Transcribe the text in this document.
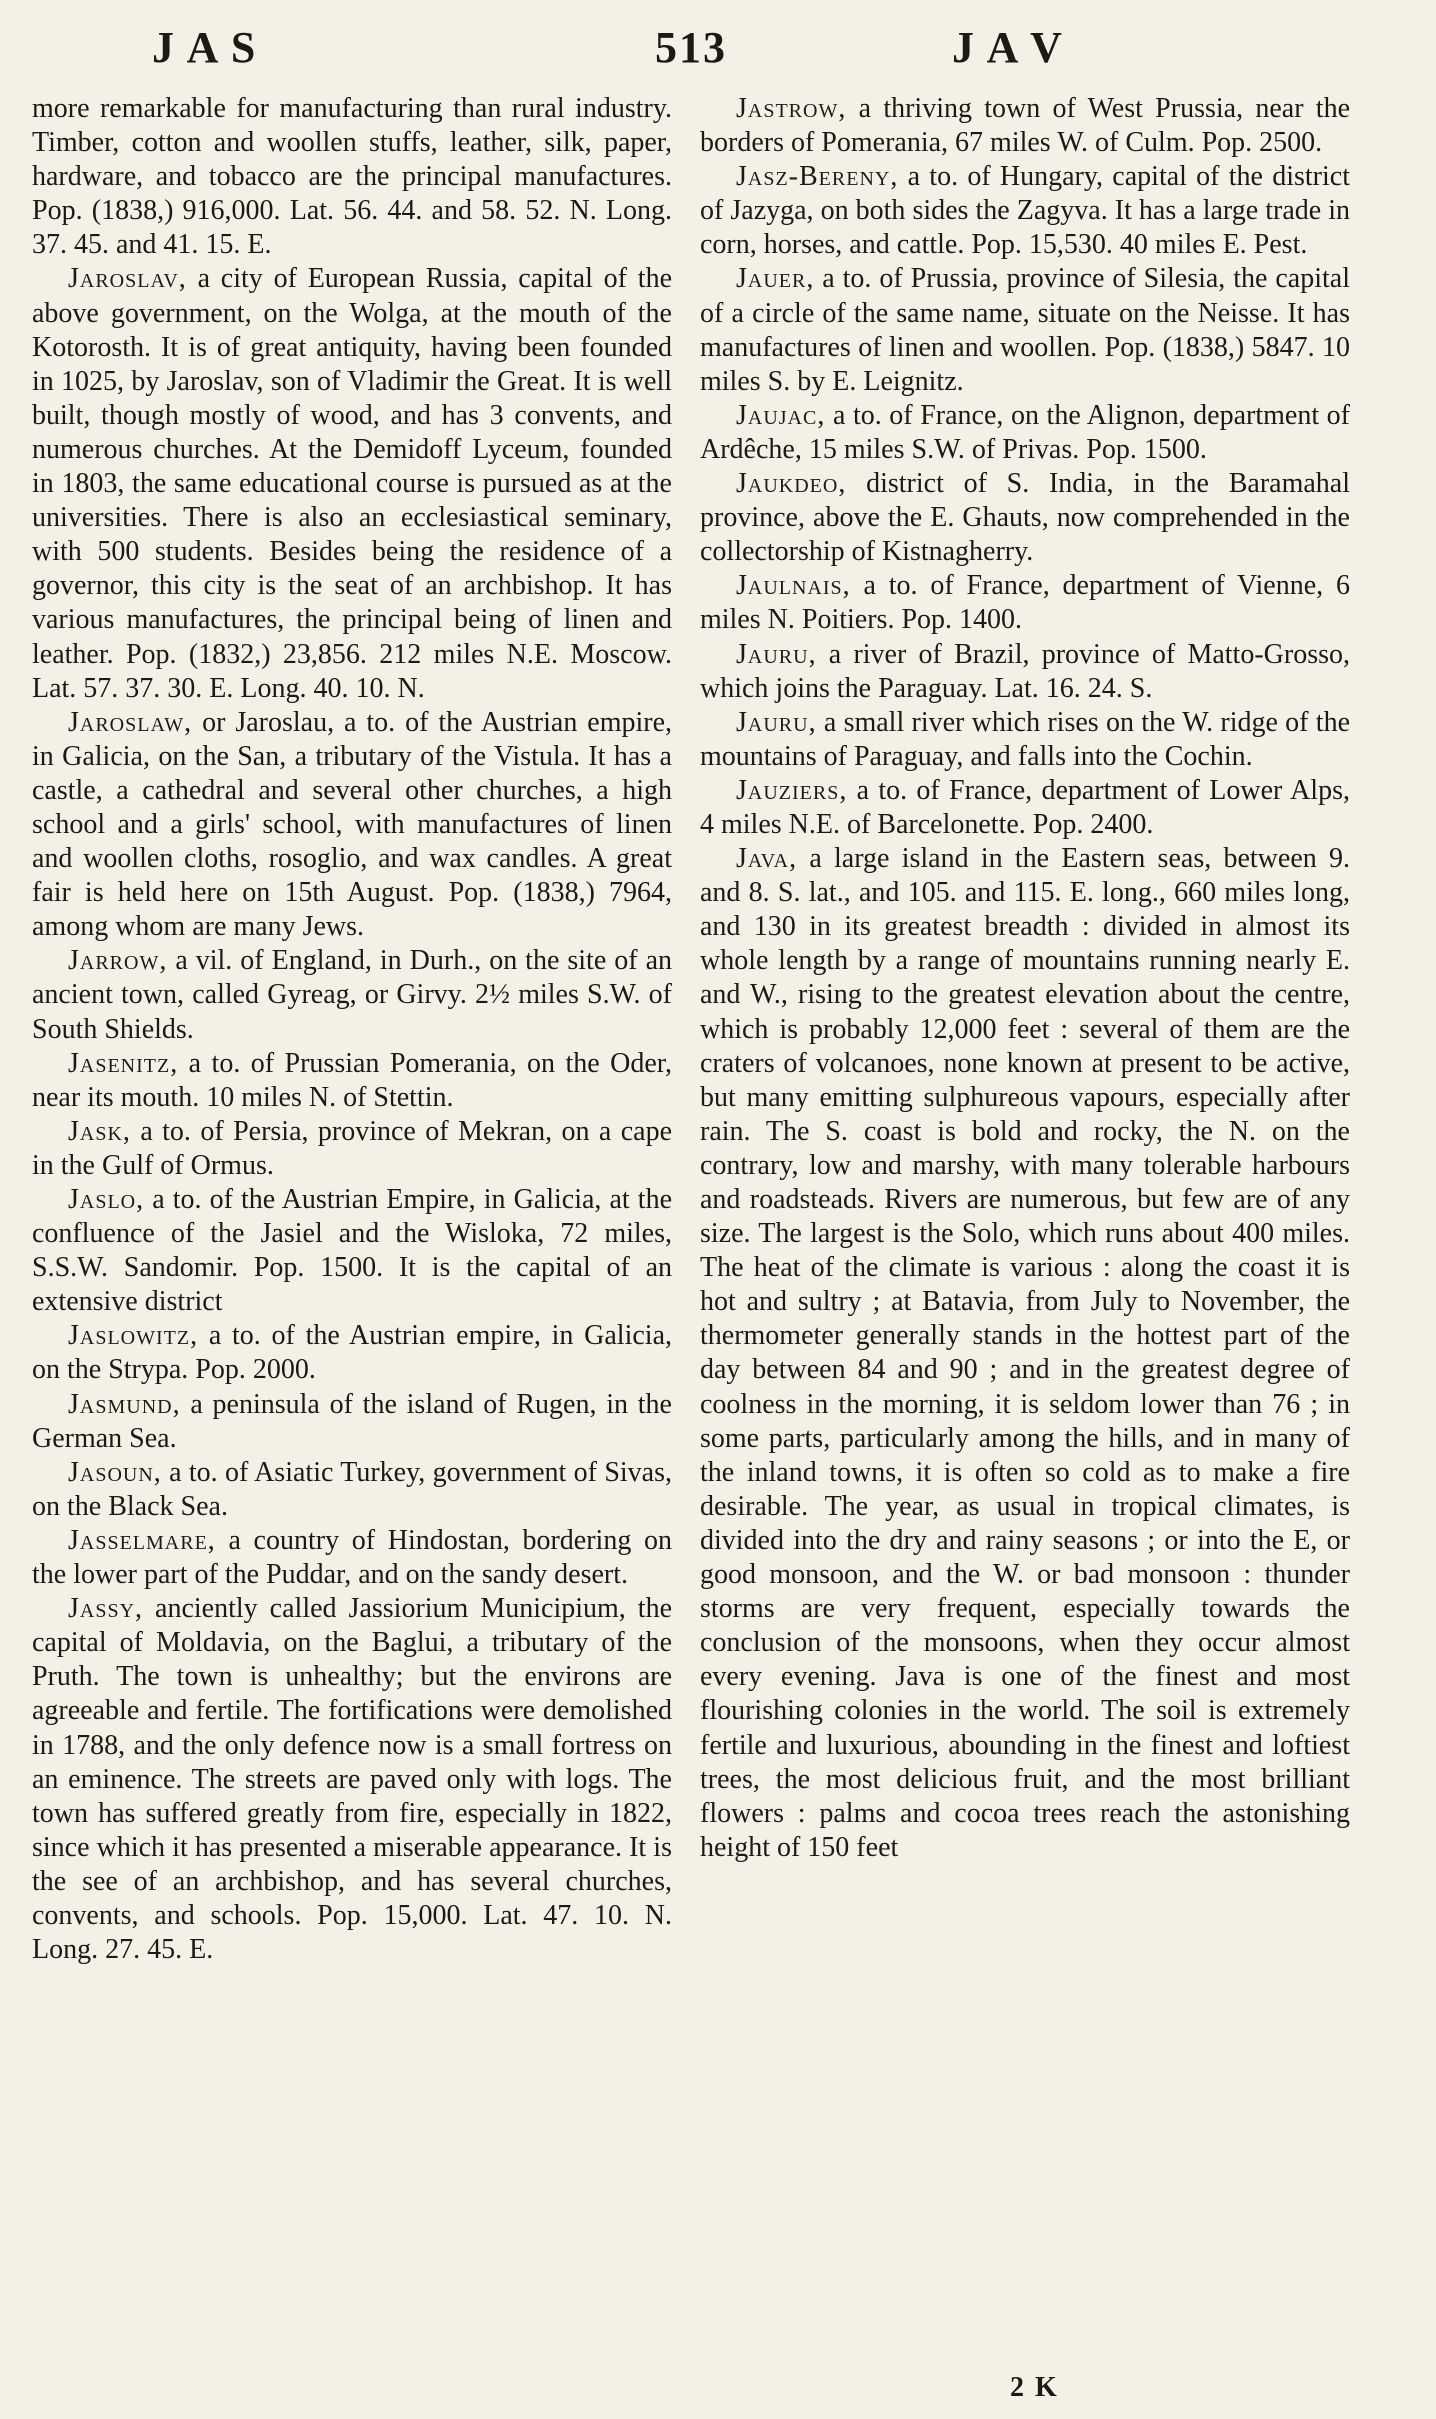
J A S	513	J A V

more remarkable for manufacturing than rural industry. Timber, cotton and woollen stuffs, leather, silk, paper, hardware, and tobacco are the principal manufactures. Pop. (1838,) 916,000. Lat. 56. 44. and 58. 52. N. Long. 37. 45. and 41. 15. E.

Jaroslav, a city of European Russia, capital of the above government, on the Wolga, at the mouth of the Kotorosth. It is of great antiquity, having been founded in 1025, by Jaroslav, son of Vladimir the Great. It is well built, though mostly of wood, and has 3 convents, and numerous churches. At the Demidoff Lyceum, founded in 1803, the same educational course is pursued as at the universities. There is also an ecclesiastical seminary, with 500 students. Besides being the residence of a governor, this city is the seat of an archbishop. It has various manufactures, the principal being of linen and leather. Pop. (1832,) 23,856. 212 miles N.E. Moscow. Lat. 57. 37. 30. E. Long. 40. 10. N.

Jaroslaw, or Jaroslau, a to. of the Austrian empire, in Galicia, on the San, a tributary of the Vistula. It has a castle, a cathedral and several other churches, a high school and a girls' school, with manufactures of linen and woollen cloths, rosoglio, and wax candles. A great fair is held here on 15th August. Pop. (1838,) 7964, among whom are many Jews.

Jarrow, a vil. of England, in Durh., on the site of an ancient town, called Gyreag, or Girvy. 2½ miles S.W. of South Shields.

Jasenitz, a to. of Prussian Pomerania, on the Oder, near its mouth. 10 miles N. of Stettin.

Jask, a to. of Persia, province of Mekran, on a cape in the Gulf of Ormus.

Jaslo, a to. of the Austrian Empire, in Galicia, at the confluence of the Jasiel and the Wisloka, 72 miles, S.S.W. Sandomir. Pop. 1500. It is the capital of an extensive district

Jaslowitz, a to. of the Austrian empire, in Galicia, on the Strypa. Pop. 2000.

Jasmund, a peninsula of the island of Rugen, in the German Sea.

Jasoun, a to. of Asiatic Turkey, government of Sivas, on the Black Sea.

Jasselmare, a country of Hindostan, bordering on the lower part of the Puddar, and on the sandy desert.

Jassy, anciently called Jassiorium Municipium, the capital of Moldavia, on the Baglui, a tributary of the Pruth. The town is unhealthy; but the environs are agreeable and fertile. The fortifications were demolished in 1788, and the only defence now is a small fortress on an eminence. The streets are paved only with logs. The town has suffered greatly from fire, especially in 1822, since which it has presented a miserable appearance. It is the see of an archbishop, and has several churches, convents, and schools. Pop. 15,000. Lat. 47. 10. N. Long. 27. 45. E.

Jastrow, a thriving town of West Prussia, near the borders of Pomerania, 67 miles W. of Culm. Pop. 2500.

Jasz-Bereny, a to. of Hungary, capital of the district of Jazyga, on both sides the Zagyva. It has a large trade in corn, horses, and cattle. Pop. 15,530. 40 miles E. Pest.

Jauer, a to. of Prussia, province of Silesia, the capital of a circle of the same name, situate on the Neisse. It has manufactures of linen and woollen. Pop. (1838,) 5847. 10 miles S. by E. Leignitz.

Jaujac, a to. of France, on the Alignon, department of Ardêche, 15 miles S.W. of Privas. Pop. 1500.

Jaukdeo, district of S. India, in the Baramahal province, above the E. Ghauts, now comprehended in the collectorship of Kistnagherry.

Jaulnais, a to. of France, department of Vienne, 6 miles N. Poitiers. Pop. 1400.

Jauru, a river of Brazil, province of Matto-Grosso, which joins the Paraguay. Lat. 16. 24. S.

Jauru, a small river which rises on the W. ridge of the mountains of Paraguay, and falls into the Cochin.

Jauziers, a to. of France, department of Lower Alps, 4 miles N.E. of Barcelonette. Pop. 2400.

Java, a large island in the Eastern seas, between 9. and 8. S. lat., and 105. and 115. E. long., 660 miles long, and 130 in its greatest breadth : divided in almost its whole length by a range of mountains running nearly E. and W., rising to the greatest elevation about the centre, which is probably 12,000 feet : several of them are the craters of volcanoes, none known at present to be active, but many emitting sulphureous vapours, especially after rain. The S. coast is bold and rocky, the N. on the contrary, low and marshy, with many tolerable harbours and roadsteads. Rivers are numerous, but few are of any size. The largest is the Solo, which runs about 400 miles. The heat of the climate is various : along the coast it is hot and sultry ; at Batavia, from July to November, the thermometer generally stands in the hottest part of the day between 84 and 90 ; and in the greatest degree of coolness in the morning, it is seldom lower than 76 ; in some parts, particularly among the hills, and in many of the inland towns, it is often so cold as to make a fire desirable. The year, as usual in tropical climates, is divided into the dry and rainy seasons ; or into the E, or good monsoon, and the W. or bad monsoon : thunder storms are very frequent, especially towards the conclusion of the monsoons, when they occur almost every evening. Java is one of the finest and most flourishing colonies in the world. The soil is extremely fertile and luxurious, abounding in the finest and loftiest trees, the most delicious fruit, and the most brilliant flowers : palms and cocoa trees reach the astonishing height of 150 feet

2 K
